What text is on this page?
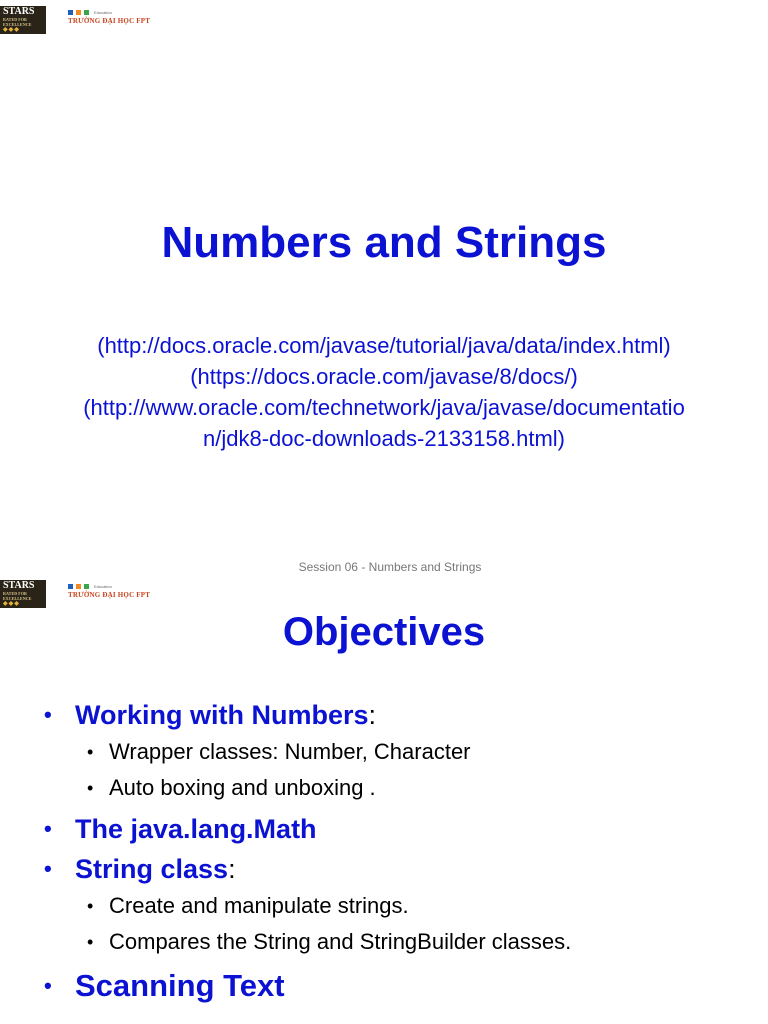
STARS
RATED FOR EXCELLENCE
◆◆◆
Education
TRƯỜNG ĐẠI HỌC FPT
Numbers and Strings
(http://docs.oracle.com/javase/tutorial/java/data/index.html)
(https://docs.oracle.com/javase/8/docs/)
(http://www.oracle.com/technetwork/java/javase/documentatio
n/jdk8-doc-downloads-2133158.html)
Session 06 - Numbers and Strings
STARS
RATED FOR EXCELLENCE
◆◆◆
Education
TRƯỜNG ĐẠI HỌC FPT
Objectives
• Working with Numbers:
• Wrapper classes: Number, Character
• Auto boxing and unboxing .
• The java.lang.Math
• String class:
• Create and manipulate strings.
• Compares the String and StringBuilder classes.
• Scanning Text
